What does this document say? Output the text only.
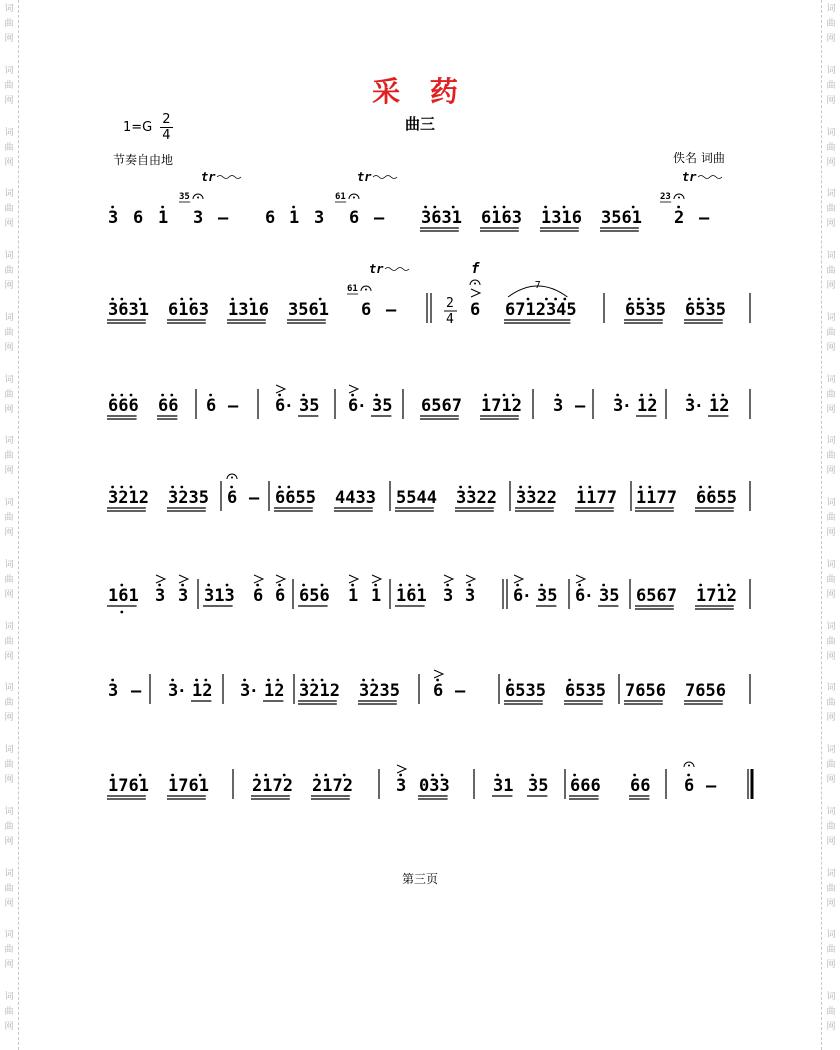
词
曲
网
词
曲
网
词
曲
网
词
曲
网
词
曲
网
词
曲
网
词
曲
网
词
曲
网
词
曲
网
词
曲
网
词
曲
网
词
曲
网
词
曲
网
词
曲
网
词
曲
网
词
曲
网
词
曲
网
词
曲
网
词
曲
网
词
曲
网
词
曲
网
词
曲
网
词
曲
网
词
曲
网
词
曲
网
词
曲
网
词
曲
网
词
曲
网
词
曲
网
词
曲
网
词
曲
网
词
曲
网
词
曲
网
词
曲
网
采 药
曲三
$1=G \frac{2}{4}$
节奏自由地	佚名 词曲
3 6 1
35
3
tr
– 6 1 3
61
6
tr
– 3631 6163 1316 3561
23
2
tr
–
3631 6163 1316 3561
61
6
tr
–	2
4 6
f
6712345
7
6535 6535
666 66 6 – 6
· 35 6
· 35 6567 1712 3 – 3
· 12 3
· 12
3212 3235 6 – 6655 4433 5544 3322 3322 1177 1177 6655
161 3 3 313 6 6 656 1 1 161 3 3 6
· 35 6
· 35 6567 1712
3 – 3
· 12 3
· 12 3212 3235 6 – 6535 6535 7656 7656
1761 1761	2172 2172	3 033	31 35 666 66 6 –
第三页
